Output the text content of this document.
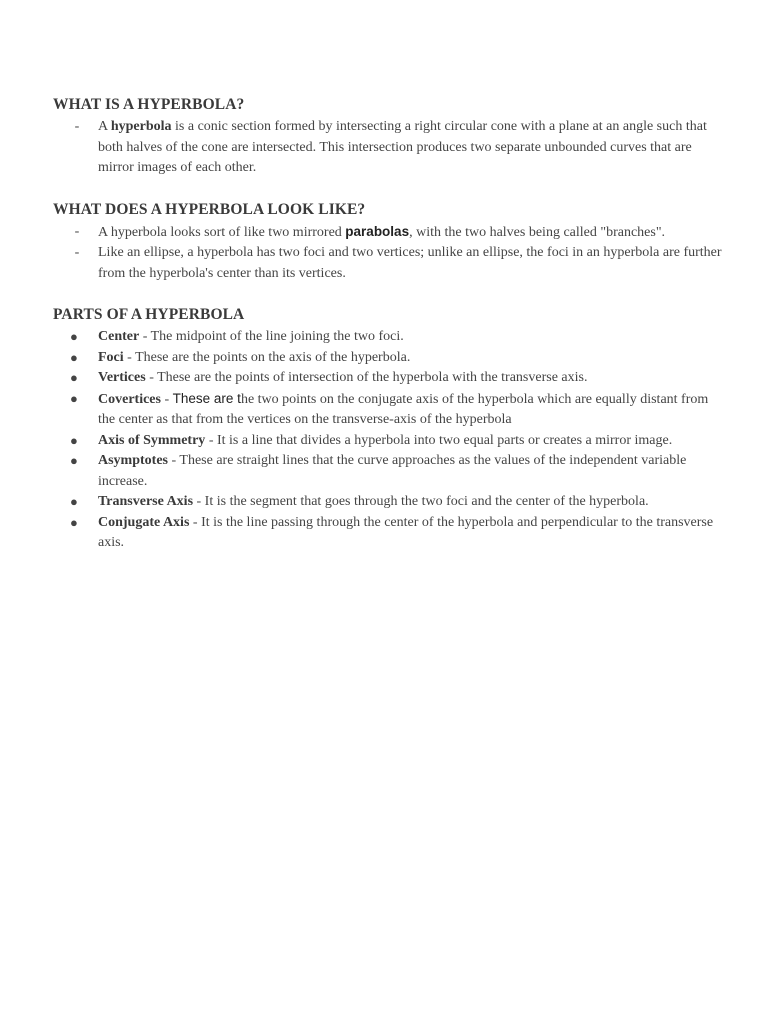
WHAT IS A HYPERBOLA?
-	A hyperbola is a conic section formed by intersecting a right circular cone with a plane at an angle such that both halves of the cone are intersected. This intersection produces two separate unbounded curves that are mirror images of each other.
WHAT DOES A HYPERBOLA LOOK LIKE?
-	A hyperbola looks sort of like two mirrored parabolas, with the two halves being called "branches".
-	Like an ellipse, a hyperbola has two foci and two vertices; unlike an ellipse, the foci in an hyperbola are further from the hyperbola's center than its vertices.
PARTS OF A HYPERBOLA
●	Center - The midpoint of the line joining the two foci.
●	Foci - These are the points on the axis of the hyperbola.
●	Vertices - These are the points of intersection of the hyperbola with the transverse axis.
●	Covertices - These are the two points on the conjugate axis of the hyperbola which are equally distant from the center as that from the vertices on the transverse-axis of the hyperbola
●	Axis of Symmetry - It is a line that divides a hyperbola into two equal parts or creates a mirror image.
●	Asymptotes - These are straight lines that the curve approaches as the values of the independent variable increase.
●	Transverse Axis - It is the segment that goes through the two foci and the center of the hyperbola.
●	Conjugate Axis - It is the line passing through the center of the hyperbola and perpendicular to the transverse axis.
